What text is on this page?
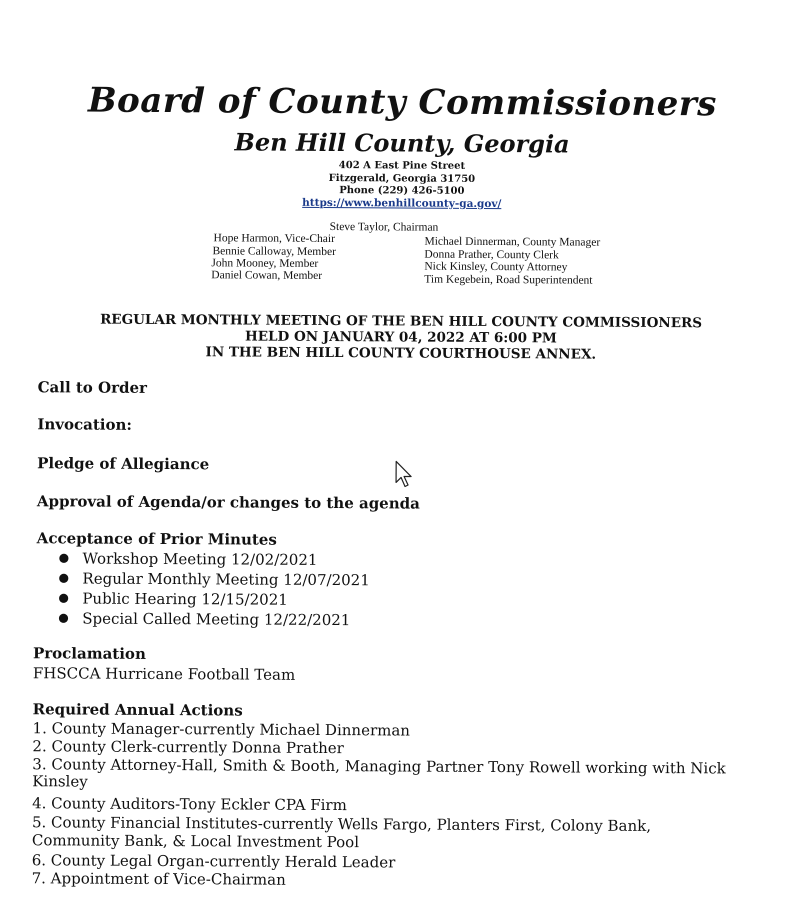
Board of County Commissioners
Ben Hill County, Georgia
402 A East Pine Street
Fitzgerald, Georgia 31750
Phone (229) 426-5100
https://www.benhillcounty-ga.gov/
Steve Taylor, Chairman
Hope Harmon, Vice-Chair
Bennie Calloway, Member
John Mooney, Member
Daniel Cowan, Member
Michael Dinnerman, County Manager
Donna Prather, County Clerk
Nick Kinsley, County Attorney
Tim Kegebein, Road Superintendent
REGULAR MONTHLY MEETING OF THE BEN HILL COUNTY COMMISSIONERS
HELD ON JANUARY 04, 2022 AT 6:00 PM
IN THE BEN HILL COUNTY COURTHOUSE ANNEX.
Call to Order
Invocation:
Pledge of Allegiance
Approval of Agenda/or changes to the agenda
Acceptance of Prior Minutes
● Workshop Meeting 12/02/2021
● Regular Monthly Meeting 12/07/2021
● Public Hearing 12/15/2021
● Special Called Meeting 12/22/2021
Proclamation
FHSCCA Hurricane Football Team
Required Annual Actions
1. County Manager-currently Michael Dinnerman
2. County Clerk-currently Donna Prather
3. County Attorney-Hall, Smith & Booth, Managing Partner Tony Rowell working with Nick
Kinsley
4. County Auditors-Tony Eckler CPA Firm
5. County Financial Institutes-currently Wells Fargo, Planters First, Colony Bank,
Community Bank, & Local Investment Pool
6. County Legal Organ-currently Herald Leader
7. Appointment of Vice-Chairman
